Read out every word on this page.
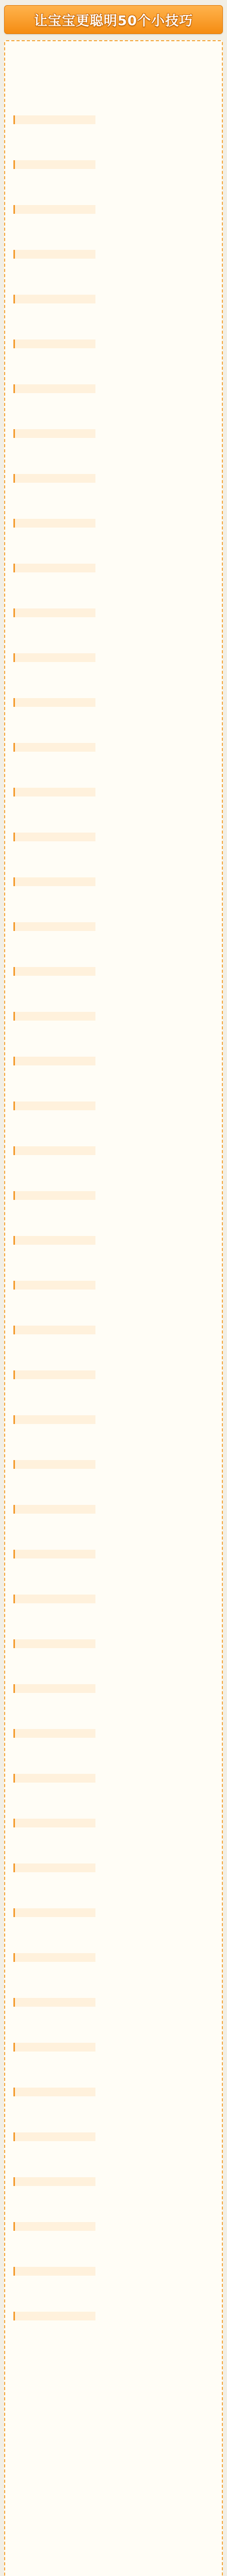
让宝宝更聪明50个小技巧
